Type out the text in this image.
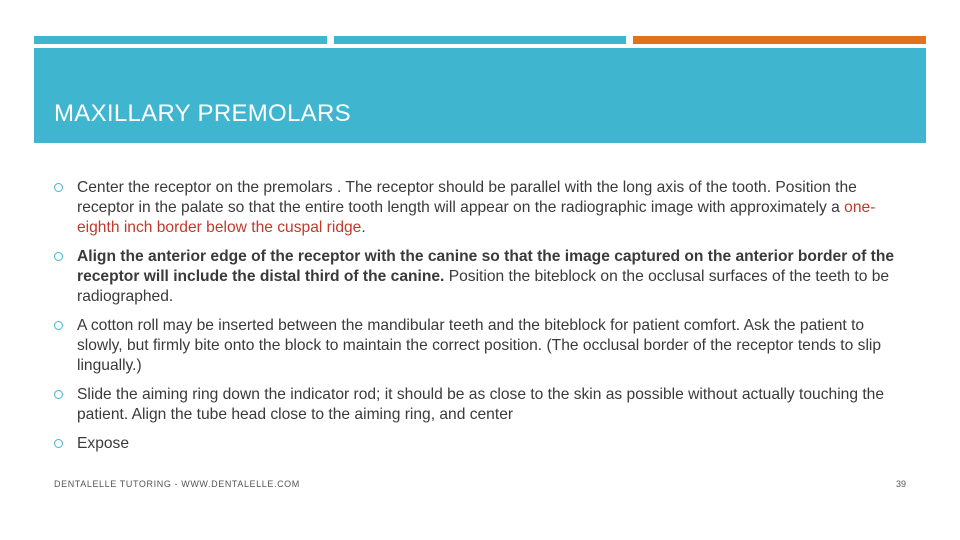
MAXILLARY PREMOLARS
Center the receptor on the premolars . The receptor should be parallel with the long axis of the tooth. Position the receptor in the palate so that the entire tooth length will appear on the radiographic image with approximately a one-eighth inch border below the cuspal ridge.
Align the anterior edge of the receptor with the canine so that the image captured on the anterior border of the receptor will include the distal third of the canine. Position the biteblock on the occlusal surfaces of the teeth to be radiographed.
A cotton roll may be inserted between the mandibular teeth and the biteblock for patient comfort. Ask the patient to slowly, but firmly bite onto the block to maintain the correct position. (The occlusal border of the receptor tends to slip lingually.)
Slide the aiming ring down the indicator rod; it should be as close to the skin as possible without actually touching the patient. Align the tube head close to the aiming ring, and center
Expose
DENTALELLE TUTORING - WWW.DENTALELLE.COM	39
